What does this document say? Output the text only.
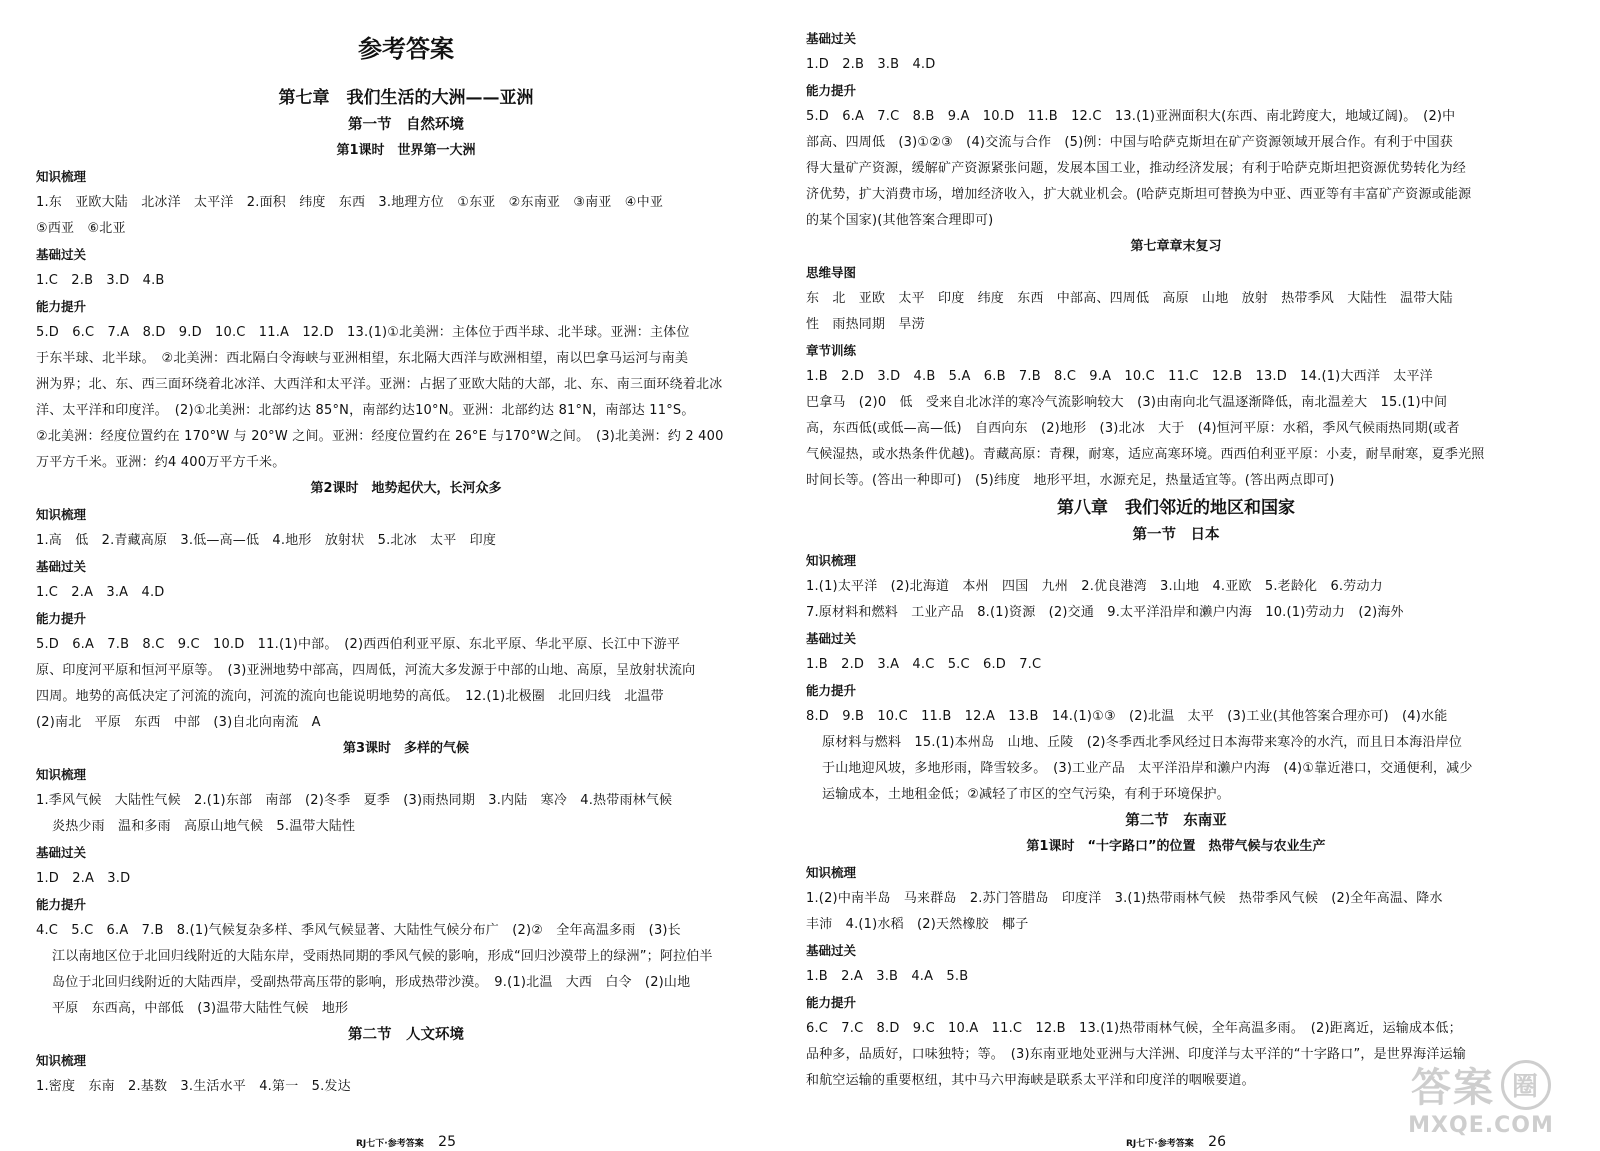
参考答案
第七章　我们生活的大洲——亚洲
第一节　自然环境
第1课时　世界第一大洲
知识梳理
1.东　亚欧大陆　北冰洋　太平洋　2.面积　纬度　东西　3.地理方位　①东亚　②东南亚　③南亚　④中亚
⑤西亚　⑥北亚
基础过关
1.C　2.B　3.D　4.B
能力提升
5.D　6.C　7.A　8.D　9.D　10.C　11.A　12.D　13.(1)①北美洲：主体位于西半球、北半球。亚洲：主体位
于东半球、北半球。　②北美洲：西北隔白令海峡与亚洲相望，东北隔大西洋与欧洲相望，南以巴拿马运河与南美
洲为界；北、东、西三面环绕着北冰洋、大西洋和太平洋。亚洲：占据了亚欧大陆的大部，北、东、南三面环绕着北冰
洋、太平洋和印度洋。　(2)①北美洲：北部约达 85°N，南部约达10°N。亚洲：北部约达 81°N，南部达 11°S。
②北美洲：经度位置约在 170°W 与 20°W 之间。亚洲：经度位置约在 26°E 与170°W之间。　(3)北美洲：约 2 400
万平方千米。亚洲：约4 400万平方千米。
第2课时　地势起伏大，长河众多
知识梳理
1.高　低　2.青藏高原　3.低—高—低　4.地形　放射状　5.北冰　太平　印度
基础过关
1.C　2.A　3.A　4.D
能力提升
5.D　6.A　7.B　8.C　9.C　10.D　11.(1)中部。　(2)西西伯利亚平原、东北平原、华北平原、长江中下游平
原、印度河平原和恒河平原等。　(3)亚洲地势中部高，四周低，河流大多发源于中部的山地、高原，呈放射状流向
四周。地势的高低决定了河流的流向，河流的流向也能说明地势的高低。　12.(1)北极圈　北回归线　北温带
(2)南北　平原　东西　中部　(3)自北向南流　A
第3课时　多样的气候
知识梳理
1.季风气候　大陆性气候　2.(1)东部　南部　(2)冬季　夏季　(3)雨热同期　3.内陆　寒冷　4.热带雨林气候
炎热少雨　温和多雨　高原山地气候　5.温带大陆性
基础过关
1.D　2.A　3.D
能力提升
4.C　5.C　6.A　7.B　8.(1)气候复杂多样、季风气候显著、大陆性气候分布广　(2)②　全年高温多雨　(3)长
江以南地区位于北回归线附近的大陆东岸，受雨热同期的季风气候的影响，形成“回归沙漠带上的绿洲”；阿拉伯半
岛位于北回归线附近的大陆西岸，受副热带高压带的影响，形成热带沙漠。　9.(1)北温　大西　白令　(2)山地
平原　东西高，中部低　(3)温带大陆性气候　地形
第二节　人文环境
知识梳理
1.密度　东南　2.基数　3.生活水平　4.第一　5.发达
RJ七下·参考答案 25
基础过关
1.D　2.B　3.B　4.D
能力提升
5.D　6.A　7.C　8.B　9.A　10.D　11.B　12.C　13.(1)亚洲面积大(东西、南北跨度大，地域辽阔)。　(2)中
部高、四周低　(3)①②③　(4)交流与合作　(5)例：中国与哈萨克斯坦在矿产资源领域开展合作。有利于中国获
得大量矿产资源，缓解矿产资源紧张问题，发展本国工业，推动经济发展；有利于哈萨克斯坦把资源优势转化为经
济优势，扩大消费市场，增加经济收入，扩大就业机会。(哈萨克斯坦可替换为中亚、西亚等有丰富矿产资源或能源
的某个国家)(其他答案合理即可)
第七章章末复习
思维导图
东　北　亚欧　太平　印度　纬度　东西　中部高、四周低　高原　山地　放射　热带季风　大陆性　温带大陆
性　雨热同期　旱涝
章节训练
1.B　2.D　3.D　4.B　5.A　6.B　7.B　8.C　9.A　10.C　11.C　12.B　13.D　14.(1)大西洋　太平洋
巴拿马　(2)0　低　受来自北冰洋的寒冷气流影响较大　(3)由南向北气温逐渐降低，南北温差大　15.(1)中间
高，东西低(或低—高—低)　自西向东　(2)地形　(3)北冰　大于　(4)恒河平原：水稻，季风气候雨热同期(或者
气候湿热，或水热条件优越)。青藏高原：青稞，耐寒，适应高寒环境。西西伯利亚平原：小麦，耐旱耐寒，夏季光照
时间长等。(答出一种即可)　(5)纬度　地形平坦，水源充足，热量适宜等。(答出两点即可)
第八章　我们邻近的地区和国家
第一节　日本
知识梳理
1.(1)太平洋　(2)北海道　本州　四国　九州　2.优良港湾　3.山地　4.亚欧　5.老龄化　6.劳动力
7.原材料和燃料　工业产品　8.(1)资源　(2)交通　9.太平洋沿岸和濑户内海　10.(1)劳动力　(2)海外
基础过关
1.B　2.D　3.A　4.C　5.C　6.D　7.C
能力提升
8.D　9.B　10.C　11.B　12.A　13.B　14.(1)①③　(2)北温　太平　(3)工业(其他答案合理亦可)　(4)水能
原材料与燃料　15.(1)本州岛　山地、丘陵　(2)冬季西北季风经过日本海带来寒冷的水汽，而且日本海沿岸位
于山地迎风坡，多地形雨，降雪较多。　(3)工业产品　太平洋沿岸和濑户内海　(4)①靠近港口，交通便利，减少
运输成本，土地租金低；②减轻了市区的空气污染，有利于环境保护。
第二节　东南亚
第1课时　“十字路口”的位置　热带气候与农业生产
知识梳理
1.(2)中南半岛　马来群岛　2.苏门答腊岛　印度洋　3.(1)热带雨林气候　热带季风气候　(2)全年高温、降水
丰沛　4.(1)水稻　(2)天然橡胶　椰子
基础过关
1.B　2.A　3.B　4.A　5.B
能力提升
6.C　7.C　8.D　9.C　10.A　11.C　12.B　13.(1)热带雨林气候，全年高温多雨。　(2)距离近，运输成本低；
品种多，品质好，口味独特；等。　(3)东南亚地处亚洲与大洋洲、印度洋与太平洋的“十字路口”，是世界海洋运输
和航空运输的重要枢纽，其中马六甲海峡是联系太平洋和印度洋的咽喉要道。
RJ七下·参考答案 26
答案 圈
MXQE.COM
